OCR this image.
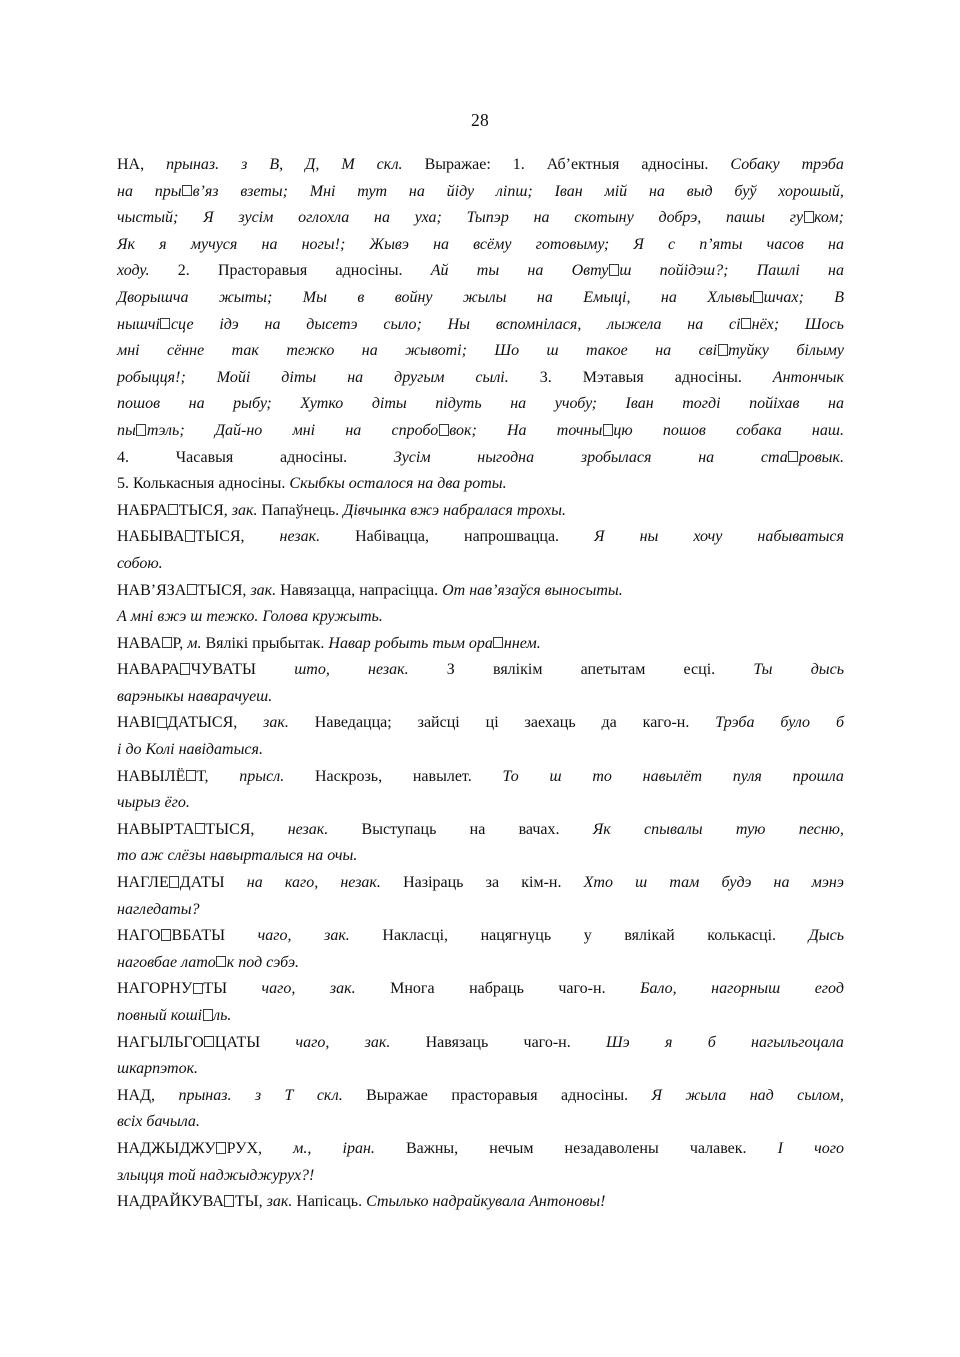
28
НА, прыназ. з В, Д, М скл. Выражае: 1. Аб’ектныя адносіны. Собаку трэба
на пры в’яз взеты; Мні тут на йіду ліпш; Іван мій на выд буў хорошый,
чыстый; Я зусім оглохла на уха; Тыпэр на скотыну добрэ, пашы гу ком;
Як я мучуся на ногы!; Жывэ на всёму готовыму; Я с п’яты часов на
ходу. 2. Прасторавыя адносіны. Ай ты на Овту ш пойідэш?; Пашлі на
Дворышча жыты; Мы в войну жылы на Емыці, на Хлывы шчах; В
нышчі сце ідэ на дысетэ сыло; Ны вспомнілася, лыжела на сі нёх; Шось
мні сённе так тежко на жывоті; Шо ш такое на сві туйку білыму
робыцця!; Мойі діты на другым сылі. 3. Мэтавыя адносіны. Антончык
пошов на рыбу; Хутко діты підуть на учобу; Іван тогді пойіхав на
пы тэль; Дай-но мні на спробо вок; На точны цю пошов собака наш.
4.	Часавыя	адносіны.	Зусім	ныгодна	зробылася	на	ста ровык.
5. Колькасныя адносіны. Скыбкы осталося на два роты.
НАБРА ТЫСЯ, зак. Папаўнець. Дівчынка вжэ набралася трохы.
НАБЫВА ТЫСЯ, незак. Набівацца, напрошвацца. Я ны хочу набыватыся
собою.
НАВ’ЯЗА ТЫСЯ, зак. Навязацца, напрасіцца. От нав’язаўся выносыты.
А мні вжэ ш тежко. Голова кружыть.
НАВА Р, м. Вялікі прыбытак. Навар робыть тым ора ннем.
НАВАРА ЧУВАТЫ што, незак. З вялікім апетытам есці. Ты дысь
варэныкы наварачуеш.
НАВІ ДАТЫСЯ, зак. Наведацца; зайсці ці заехаць да каго-н. Трэба було б
і до Колі навідатыся.
НАВЫЛЁ Т, прысл. Наскрозь, навылет. То ш то навылёт пуля прошла
чырыз ёго.
НАВЫРТА ТЫСЯ, незак. Выступаць на вачах. Як спывалы тую песню,
то аж слёзы навырталыся на очы.
НАГЛЕ ДАТЫ на каго, незак. Назіраць за кім-н. Хто ш там будэ на мэнэ
нагледаты?
НАГО ВБАТЫ чаго, зак. Накласці, нацягнуць у вялікай колькасці. Дысь
наговбае лато к под сэбэ.
НАГОРНУ ТЫ чаго, зак. Многа набраць чаго-н. Бало, нагорныш егод
повный коші ль.
НАГЫЛЬГО ЦАТЫ чаго, зак. Навязаць чаго-н. Шэ я б нагыльгоцала
шкарпэток.
НАД, прыназ. з Т скл. Выражае прасторавыя адносіны. Я жыла над сылом,
всіх бачыла.
НАДЖЫДЖУ РУХ, м., іран. Важны, нечым незадаволены чалавек. І чого
злыцця той наджыджурух?!
НАДРАЙКУВА ТЫ, зак. Напісаць. Стылько надрайкувала Антоновы!
